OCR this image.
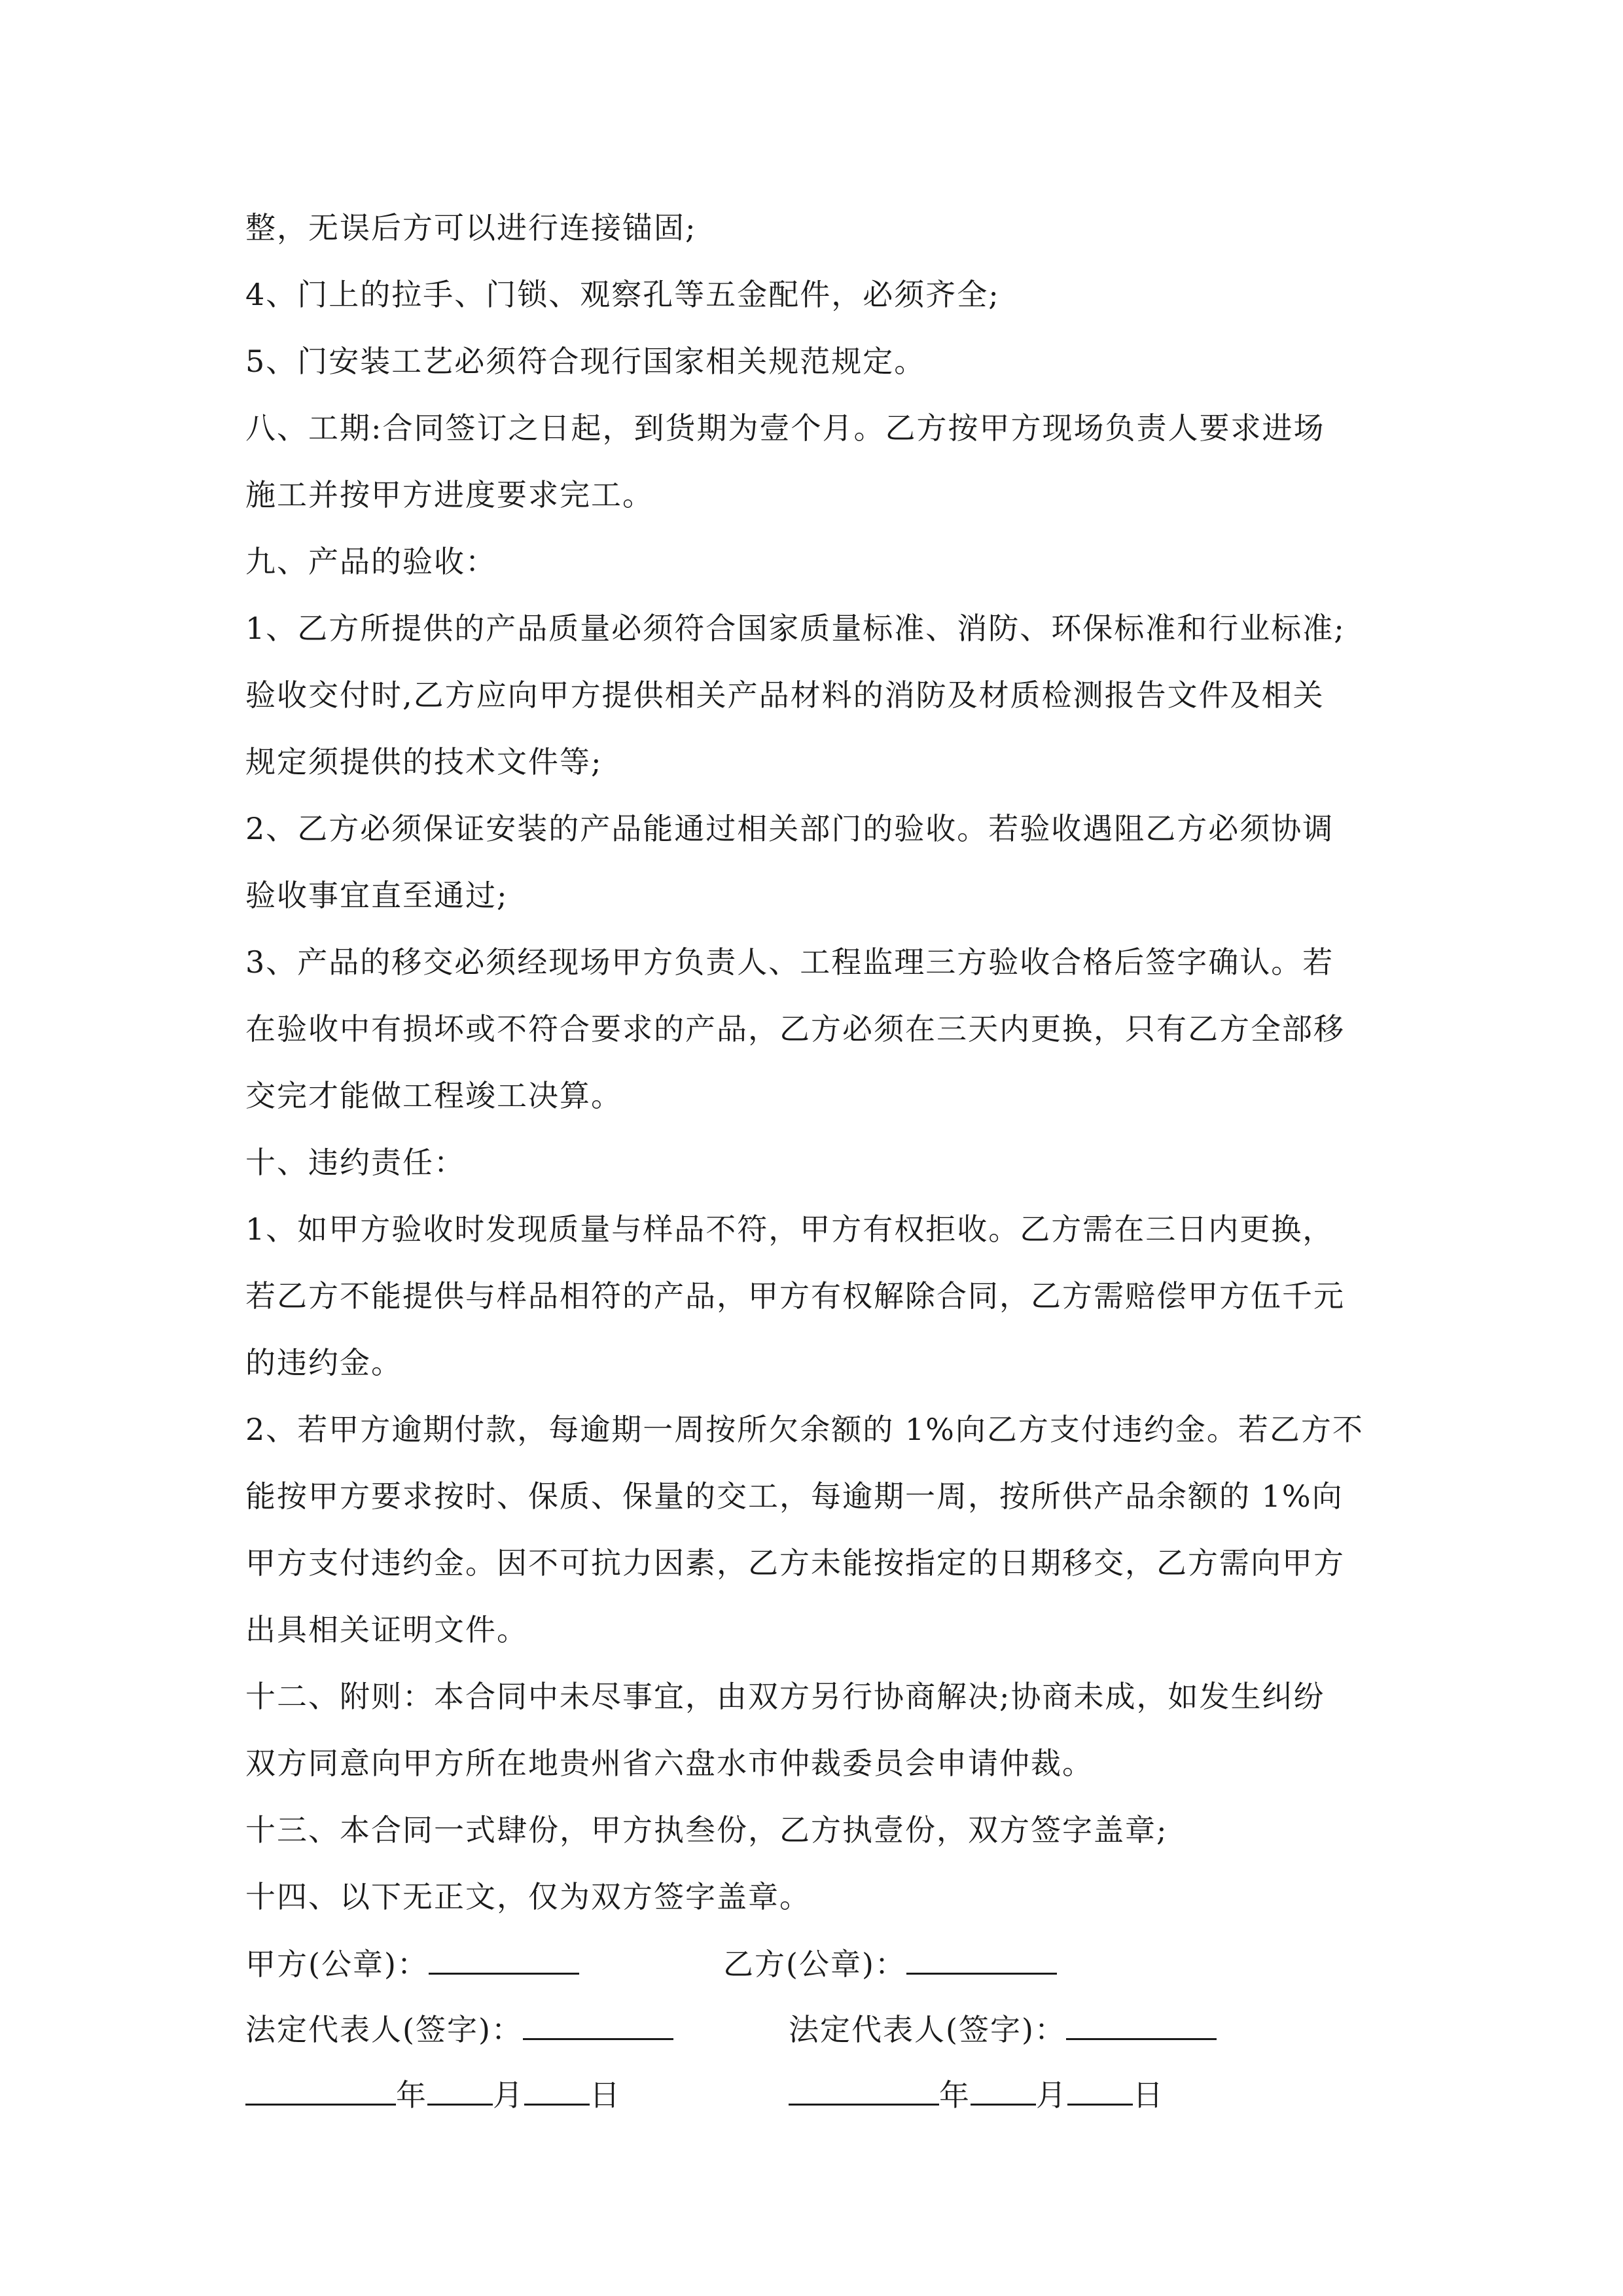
整，无误后方可以进行连接锚固;
4、门上的拉手、门锁、观察孔等五金配件，必须齐全;
5、门安装工艺必须符合现行国家相关规范规定。
八、工期:合同签订之日起，到货期为壹个月。乙方按甲方现场负责人要求进场
施工并按甲方进度要求完工。
九、产品的验收：
1、乙方所提供的产品质量必须符合国家质量标准、消防、环保标准和行业标准;
验收交付时,乙方应向甲方提供相关产品材料的消防及材质检测报告文件及相关
规定须提供的技术文件等;
2、乙方必须保证安装的产品能通过相关部门的验收。若验收遇阻乙方必须协调
验收事宜直至通过;
3、产品的移交必须经现场甲方负责人、工程监理三方验收合格后签字确认。若
在验收中有损坏或不符合要求的产品，乙方必须在三天内更换，只有乙方全部移
交完才能做工程竣工决算。
十、违约责任：
1、如甲方验收时发现质量与样品不符，甲方有权拒收。乙方需在三日内更换，
若乙方不能提供与样品相符的产品，甲方有权解除合同，乙方需赔偿甲方伍千元
的违约金。
2、若甲方逾期付款，每逾期一周按所欠余额的 1%向乙方支付违约金。若乙方不
能按甲方要求按时、保质、保量的交工，每逾期一周，按所供产品余额的 1%向
甲方支付违约金。因不可抗力因素，乙方未能按指定的日期移交，乙方需向甲方
出具相关证明文件。
十二、附则：本合同中未尽事宜，由双方另行协商解决;协商未成，如发生纠纷
双方同意向甲方所在地贵州省六盘水市仲裁委员会申请仲裁。
十三、本合同一式肆份，甲方执叁份，乙方执壹份，双方签字盖章;
十四、以下无正文，仅为双方签字盖章。
甲方(公章)：	乙方(公章)：
法定代表人(签字)：	法定代表人(签字)：
年 月 日	年 月 日
